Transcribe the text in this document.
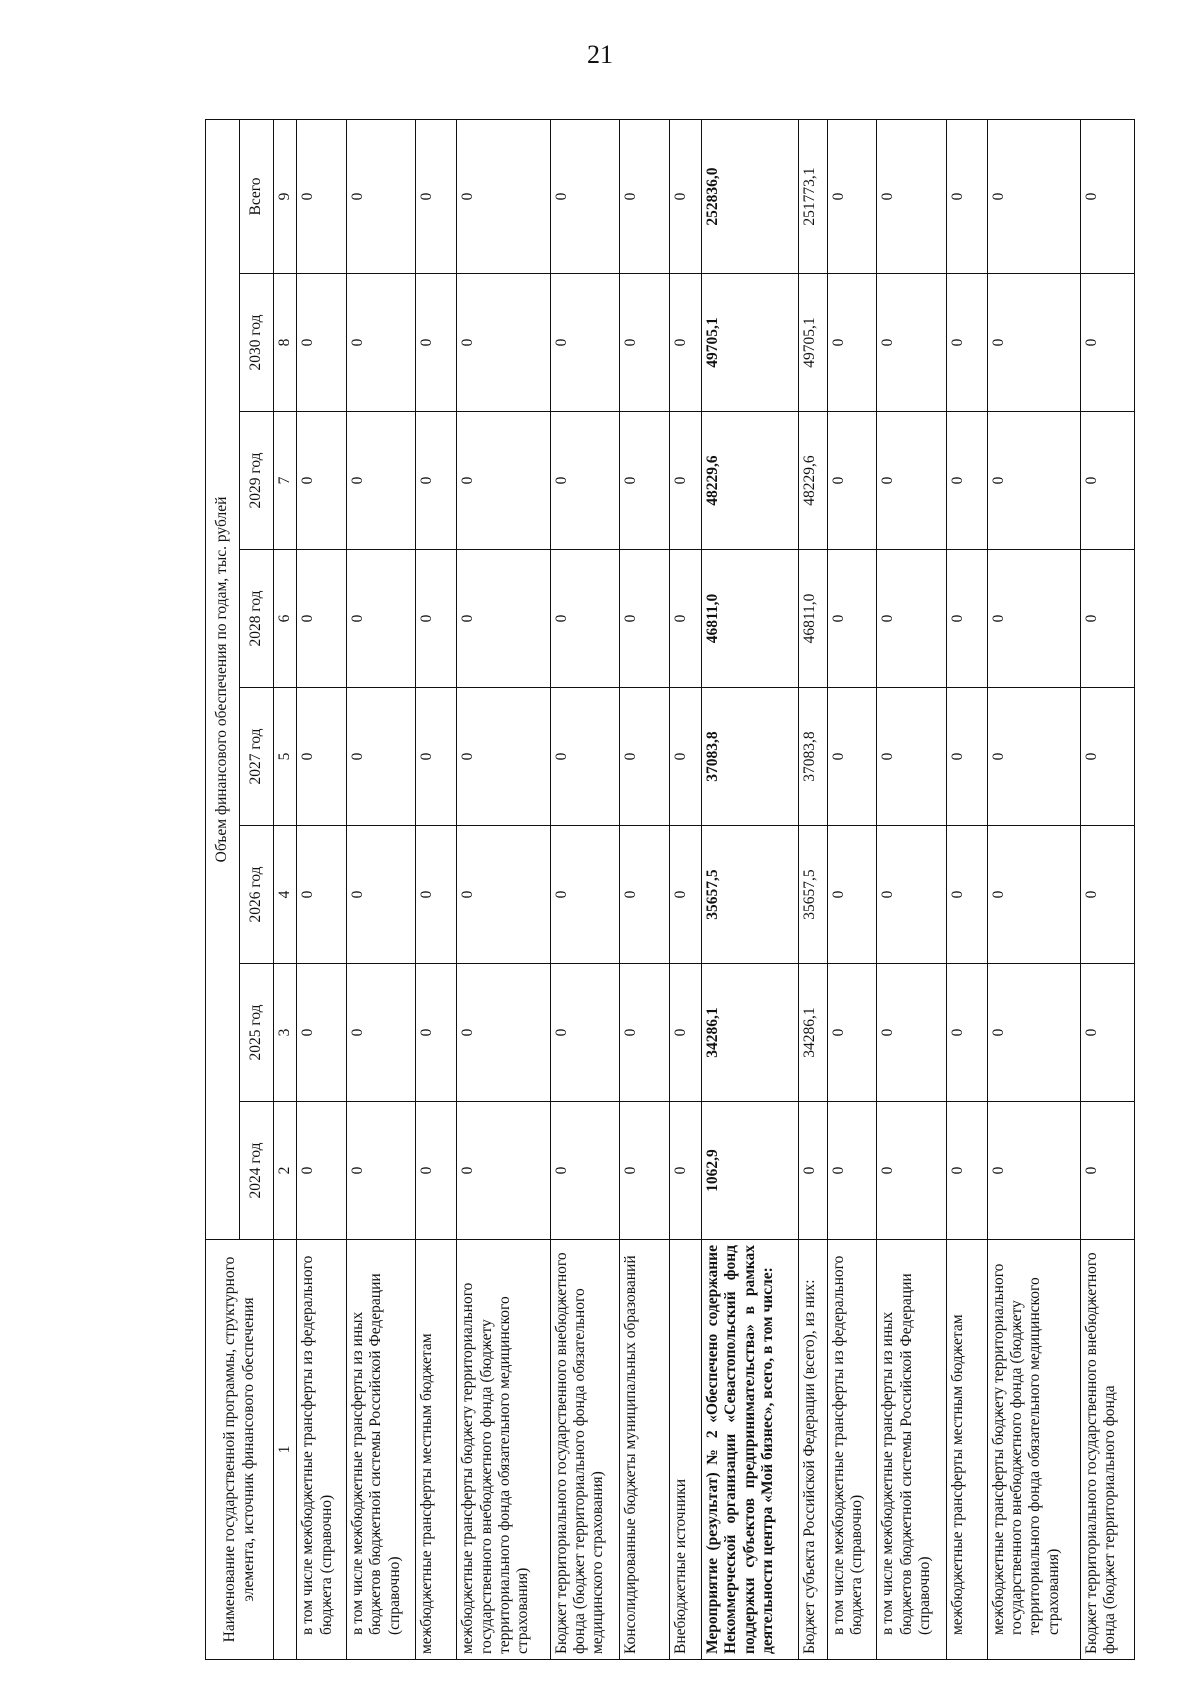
21
Наименование государственной программы, структурного элемента, источник финансового обеспечения	Объем финансового обеспечения по годам, тыс. рублей							
	2024 год	2025 год	2026 год	2027 год	2028 год	2029 год	2030 год	Всего
1	2	3	4	5	6	7	8	9
в том числе межбюджетные трансферты из федерального бюджета (справочно)	0	0	0	0	0	0	0	0
в том числе межбюджетные трансферты из иных бюджетов бюджетной системы Российской Федерации (справочно)	0	0	0	0	0	0	0	0
межбюджетные трансферты местным бюджетам	0	0	0	0	0	0	0	0
межбюджетные трансферты бюджету территориального государственного внебюджетного фонда (бюджету территориального фонда обязательного медицинского страхования)	0	0	0	0	0	0	0	0
Бюджет территориального государственного внебюджетного фонда (бюджет территориального фонда обязательного медицинского страхования)	0	0	0	0	0	0	0	0
Консолидированные бюджеты муниципальных образований	0	0	0	0	0	0	0	0
Внебюджетные источники	0	0	0	0	0	0	0	0
Мероприятие (результат) № 2 «Обеспечено содержание Некоммерческой организации «Севастопольский фонд поддержки субъектов предпринимательства» в рамках деятельности центра «Мой бизнес», всего, в том числе:	1062,9	34286,1	35657,5	37083,8	46811,0	48229,6	49705,1	252836,0
Бюджет субъекта Российской Федерации (всего), из них:	0	34286,1	35657,5	37083,8	46811,0	48229,6	49705,1	251773,1
в том числе межбюджетные трансферты из федерального бюджета (справочно)	0	0	0	0	0	0	0	0
в том числе межбюджетные трансферты из иных бюджетов бюджетной системы Российской Федерации (справочно)	0	0	0	0	0	0	0	0
межбюджетные трансферты местным бюджетам	0	0	0	0	0	0	0	0
межбюджетные трансферты бюджету территориального государственного внебюджетного фонда (бюджету территориального фонда обязательного медицинского страхования)	0	0	0	0	0	0	0	0
Бюджет территориального государственного внебюджетного фонда (бюджет территориального фонда	0	0	0	0	0	0	0	0
